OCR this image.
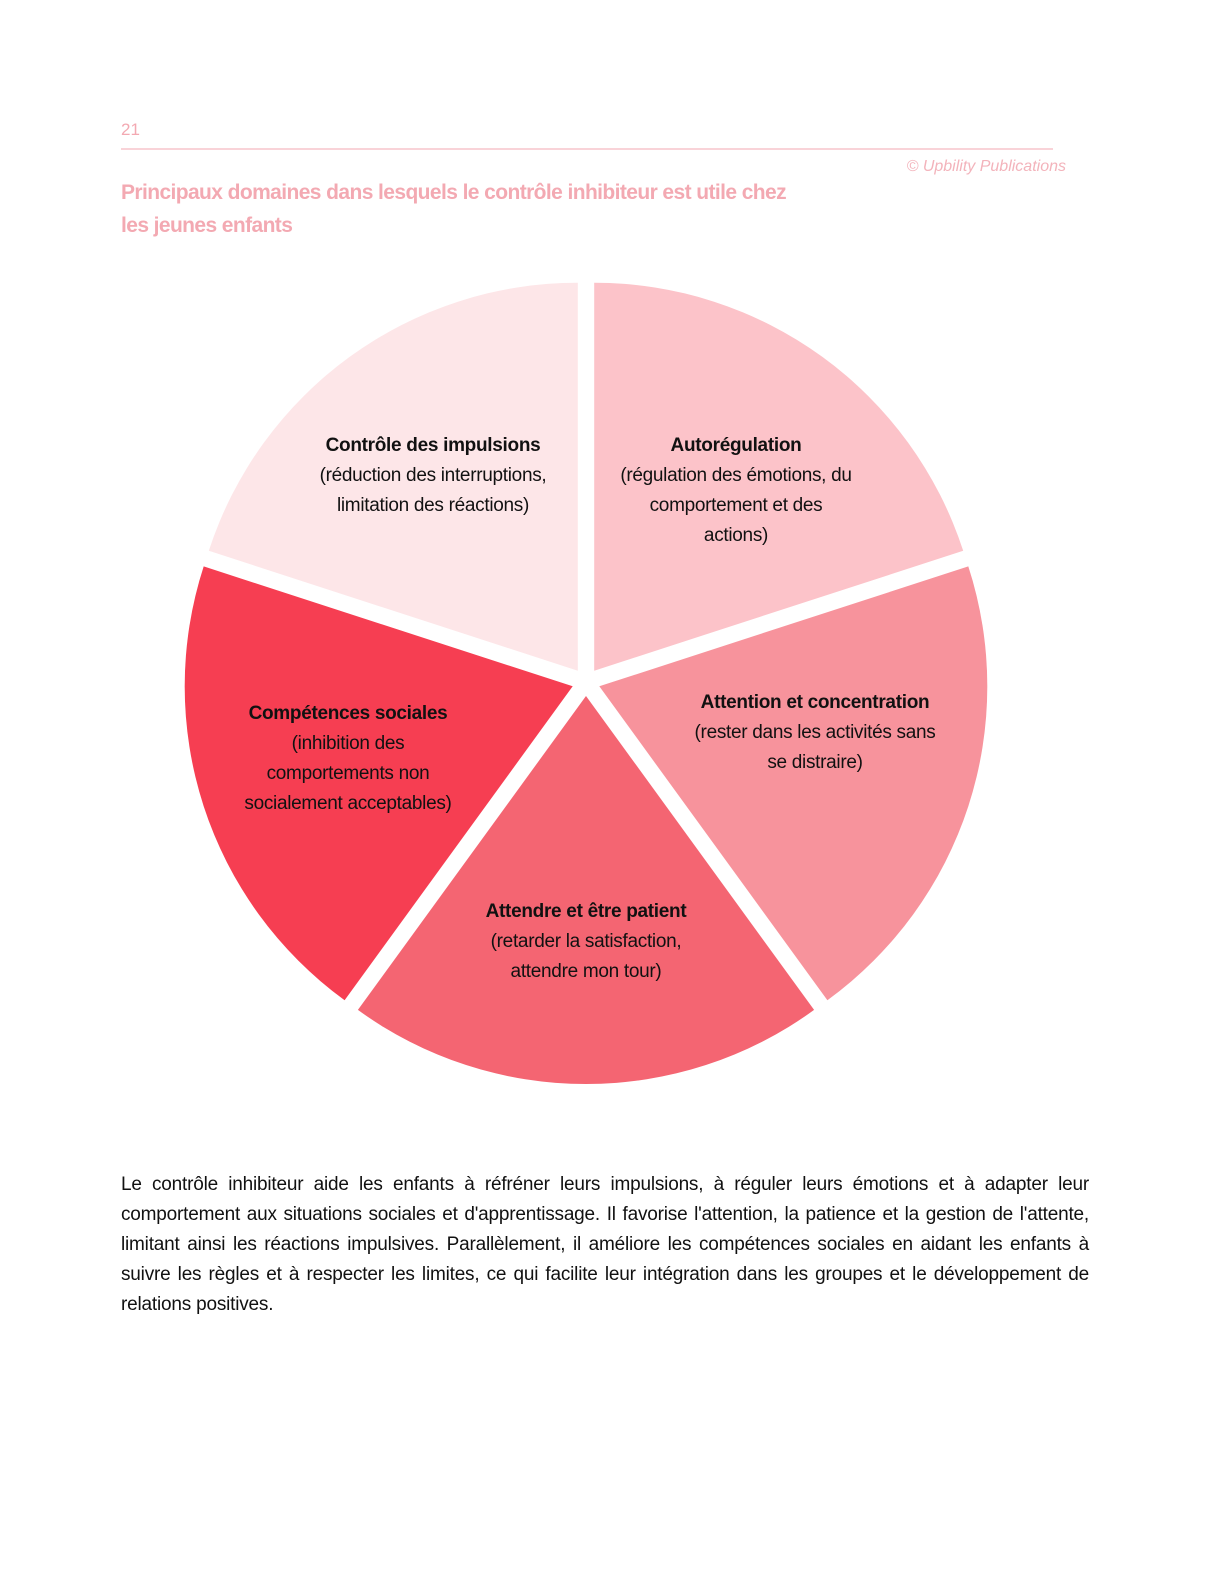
21
© Upbility Publications
Principaux domaines dans lesquels le contrôle inhibiteur est utile chez les jeunes enfants
Contrôle des impulsions
(réduction des interruptions, limitation des réactions)
Autorégulation
(régulation des émotions, du comportement et des actions)
Attention et concentration
(rester dans les activités sans se distraire)
Attendre et être patient
(retarder la satisfaction, attendre mon tour)
Compétences sociales
(inhibition des comportements non socialement acceptables)
Le contrôle inhibiteur aide les enfants à réfréner leurs impulsions, à réguler leurs émotions et à adapter leur comportement aux situations sociales et d'apprentissage. Il favorise l'attention, la patience et la gestion de l'attente, limitant ainsi les réactions impulsives. Parallèlement, il améliore les compétences sociales en aidant les enfants à suivre les règles et à respecter les limites, ce qui facilite leur intégration dans les groupes et le développement de relations positives.
